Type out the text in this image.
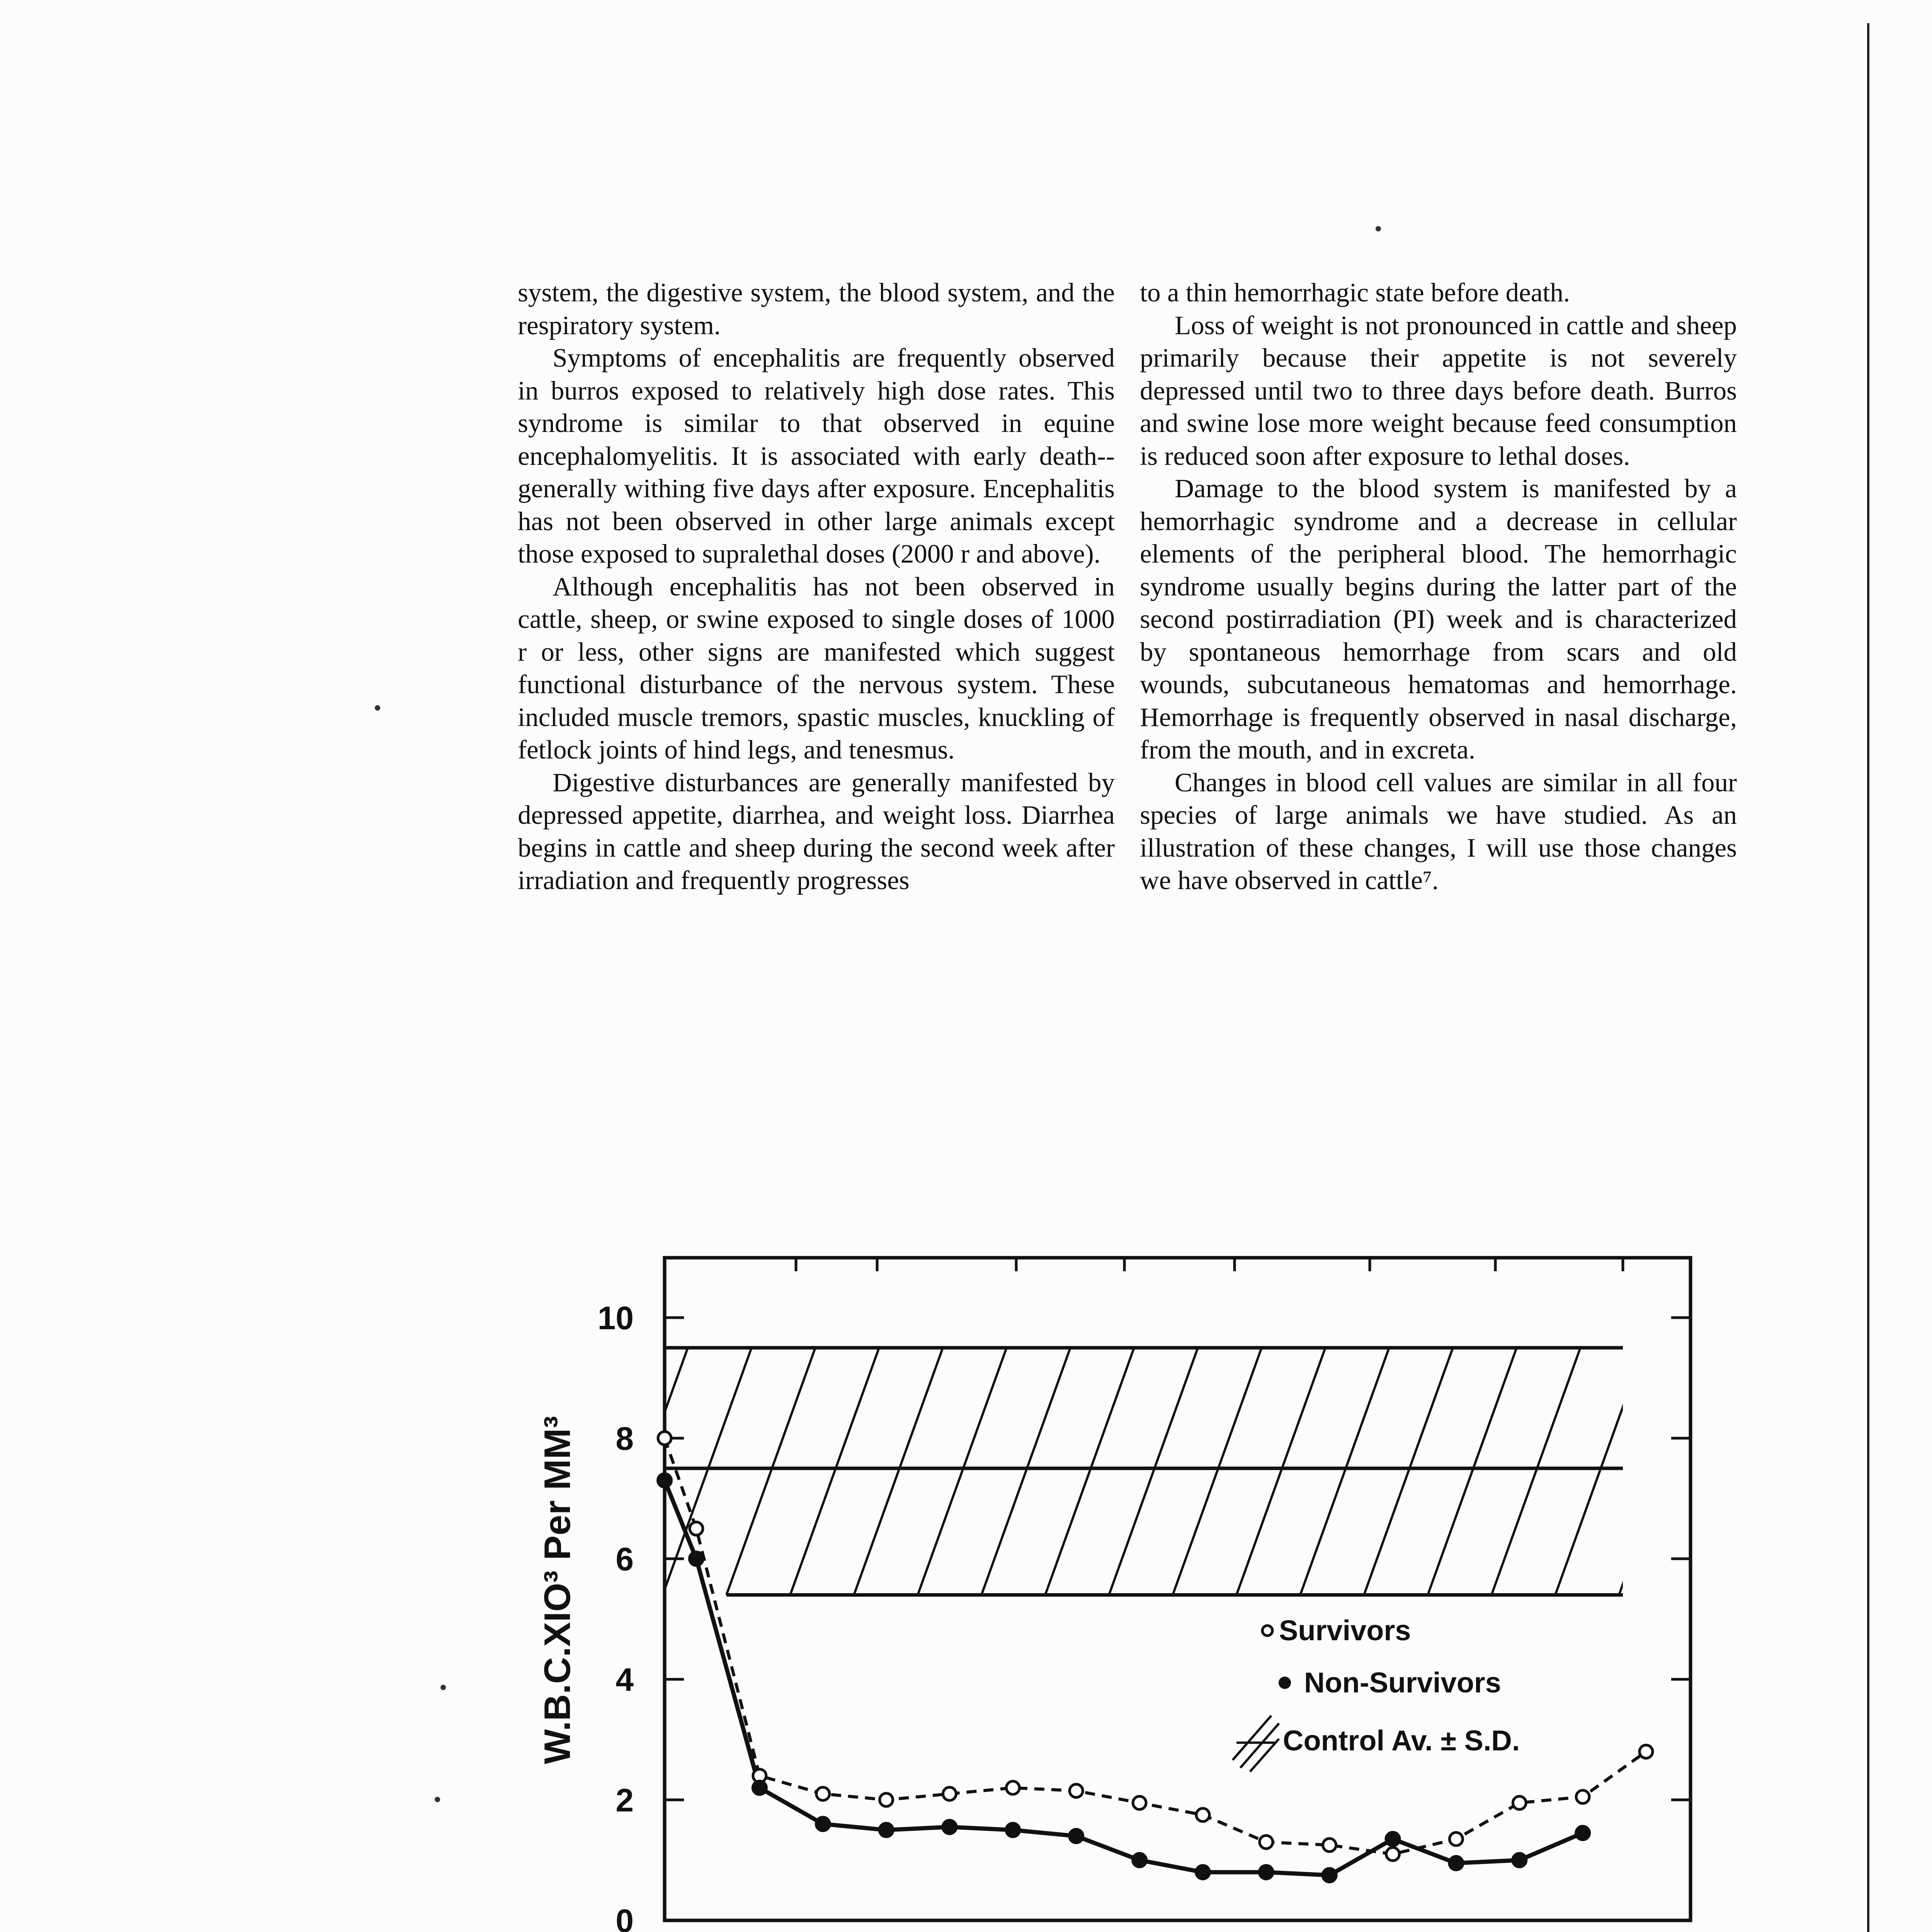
system, the digestive system, the blood system, and the respiratory system.

Symptoms of encephalitis are frequently observed in burros exposed to relatively high dose rates. This syndrome is similar to that observed in equine encephalomyelitis. It is associated with early death--generally withing five days after exposure. Encephalitis has not been observed in other large animals except those exposed to supralethal doses (2000 r and above).

Although encephalitis has not been observed in cattle, sheep, or swine exposed to single doses of 1000 r or less, other signs are manifested which suggest functional disturbance of the nervous system. These included muscle tremors, spastic muscles, knuckling of fetlock joints of hind legs, and tenesmus.

Digestive disturbances are generally manifested by depressed appetite, diarrhea, and weight loss. Diarrhea begins in cattle and sheep during the second week after irradiation and frequently progresses

to a thin hemorrhagic state before death.

Loss of weight is not pronounced in cattle and sheep primarily because their appetite is not severely depressed until two to three days before death. Burros and swine lose more weight because feed consumption is reduced soon after exposure to lethal doses.

Damage to the blood system is manifested by a hemorrhagic syndrome and a decrease in cellular elements of the peripheral blood. The hemorrhagic syndrome usually begins during the latter part of the second postirradiation (PI) week and is characterized by spontaneous hemorrhage from scars and old wounds, subcutaneous hematomas and hemorrhage. Hemorrhage is frequently observed in nasal discharge, from the mouth, and in excreta.

Changes in blood cell values are similar in all four species of large animals we have studied. As an illustration of these changes, I will use those changes we have observed in cattle⁷.

0
2
4
6
8
10
W.B.C.XIO³ Per MM³	Survivors
Non-Survivors
Control Av. ± S.D.
